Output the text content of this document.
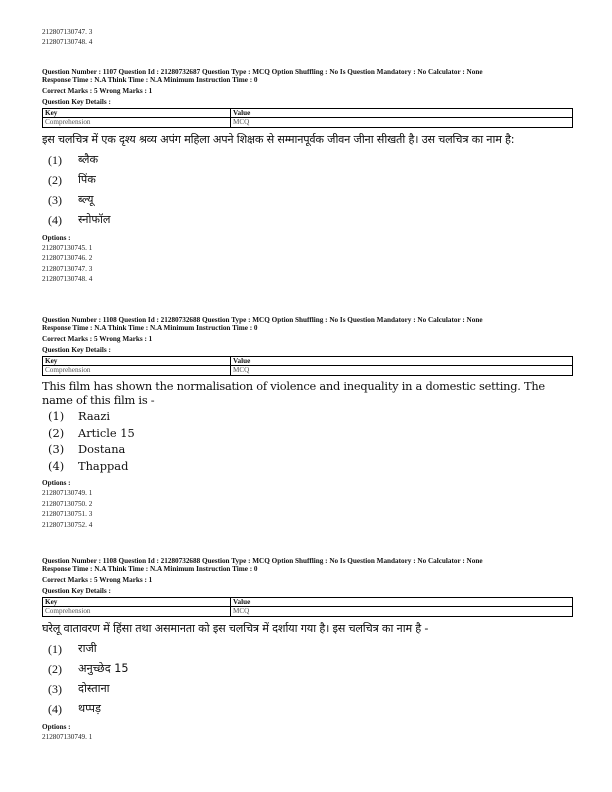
212807130747. 3
212807130748. 4

Question Number : 1107 Question Id : 21280732687 Question Type : MCQ Option Shuffling : No Is Question Mandatory : No Calculator : None

Response Time : N.A Think Time : N.A Minimum Instruction Time : 0

Correct Marks : 5 Wrong Marks : 1

Question Key Details :

Key	Value
Comprehension	MCQ
इस चलचित्र में एक दृश्य श्रव्य अपंग महिला अपने शिक्षक से सम्मानपूर्वक जीवन जीना सीखती है। उस चलचित्र का नाम है:
(1)	ब्लैक
(2)	पिंक
(3)	ब्ल्यू
(4)	स्नोफॉल
Options :
212807130745. 1
212807130746. 2
212807130747. 3
212807130748. 4

Question Number : 1108 Question Id : 21280732688 Question Type : MCQ Option Shuffling : No Is Question Mandatory : No Calculator : None

Response Time : N.A Think Time : N.A Minimum Instruction Time : 0

Correct Marks : 5 Wrong Marks : 1

Question Key Details :

Key	Value
Comprehension	MCQ
This film has shown the normalisation of violence and inequality in a domestic setting. The name of this film is -
(1)	Raazi
(2)	Article 15
(3)	Dostana
(4)	Thappad
Options :
212807130749. 1
212807130750. 2
212807130751. 3
212807130752. 4

Question Number : 1108 Question Id : 21280732688 Question Type : MCQ Option Shuffling : No Is Question Mandatory : No Calculator : None

Response Time : N.A Think Time : N.A Minimum Instruction Time : 0

Correct Marks : 5 Wrong Marks : 1

Question Key Details :

Key	Value
Comprehension	MCQ
घरेलू वातावरण में हिंसा तथा असमानता को इस चलचित्र में दर्शाया गया है। इस चलचित्र का नाम है -
(1)	राजी
(2)	अनुच्छेद 15
(3)	दोस्ताना
(4)	थप्पड़
Options :
212807130749. 1
